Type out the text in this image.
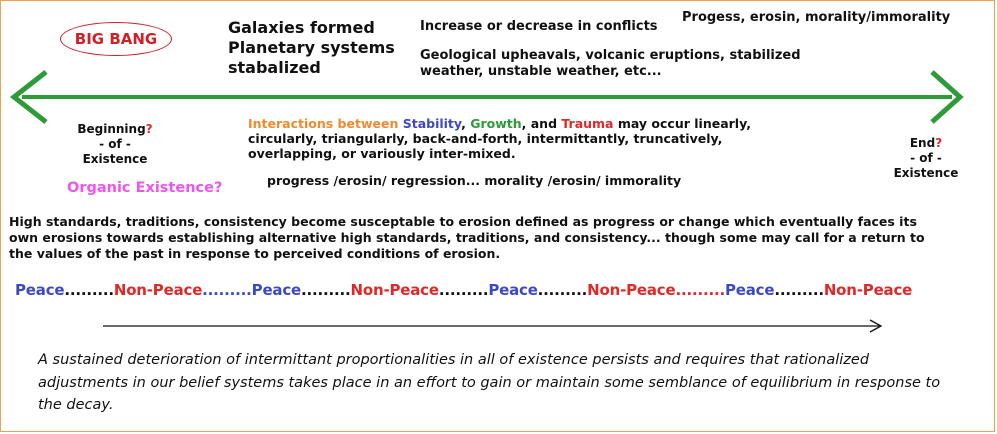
BIG BANG
Galaxies formed
Planetary systems
stabalized
Increase or decrease in conflicts
Progess, erosin, morality/immorality
Geological upheavals, volcanic eruptions, stabilized
weather, unstable weather, etc...
Beginning?
- of -
Existence
End?
- of -
Existence
Interactions between Stability, Growth, and Trauma may occur linearly,
circularly, triangularly, back-and-forth, intermittantly, truncatively,
overlapping, or variously inter-mixed.
Organic Existence?	progress /erosin/ regression... morality /erosin/ immorality
High standards, traditions, consistency become susceptable to erosion defined as progress or change which eventually faces its
own erosions towards establishing alternative high standards, traditions, and consistency... though some may call for a return to
the values of the past in response to perceived conditions of erosion.
Peace.........Non-Peace.........Peace.........Non-Peace.........Peace.........Non-Peace.........Peace.........Non-Peace
A sustained deterioration of intermittant proportionalities in all of existence persists and requires that rationalized
adjustments in our belief systems takes place in an effort to gain or maintain some semblance of equilibrium in response to
the decay.
